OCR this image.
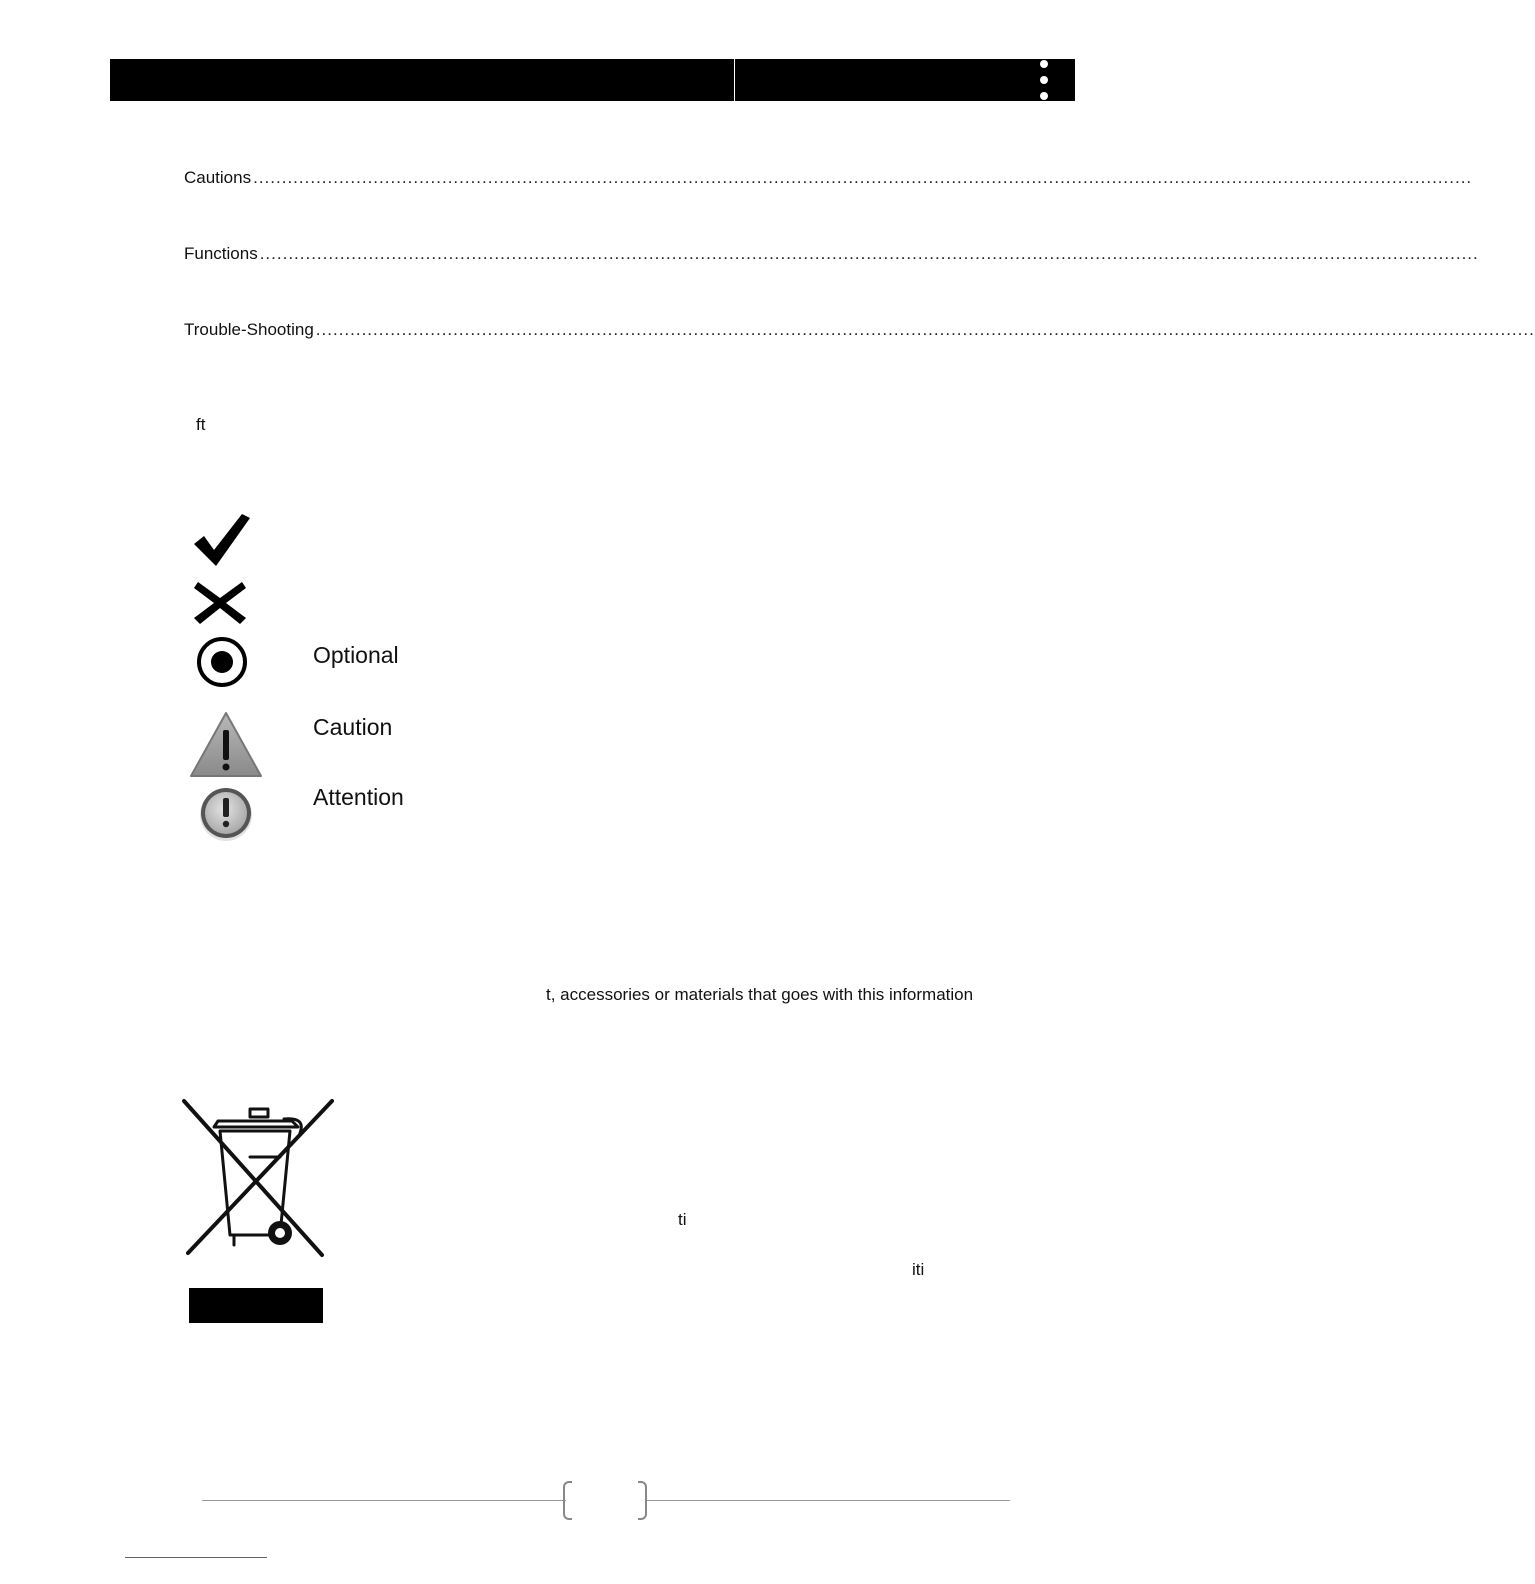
Cautions .....................................................................................................................................................................................................................
Functions .....................................................................................................................................................................................................................
Trouble-Shooting .....................................................................................................................................................................................................................
ft
Optional
Caution
Attention
t, accessories or materials that goes with this information
ti
iti
